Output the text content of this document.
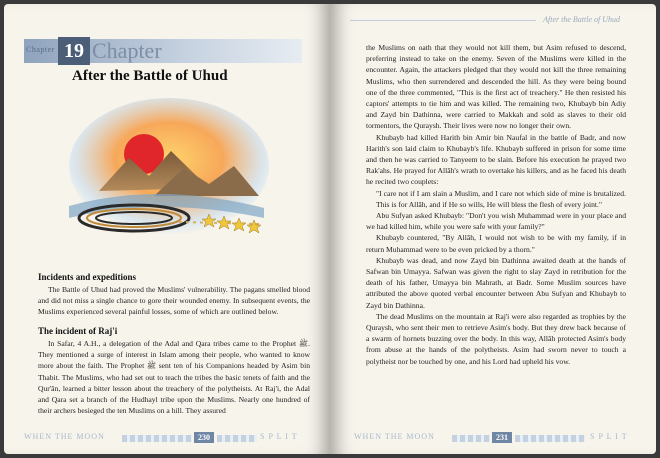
Chapter 19 Chapter
After the Battle of Uhud
Incidents and expeditions

The Battle of Uhud had proved the Muslims' vulnerability. The pagans smelled blood and did not miss a single chance to gore their wounded enemy. In subsequent events, the Muslims experienced several painful losses, some of which are outlined below.

The incident of Raj'i

In Safar, 4 A.H., a delegation of the Adal and Qara tribes came to the Prophet ﷺ. They mentioned a surge of interest in Islam among their people, who wanted to know more about the faith. The Prophet ﷺ sent ten of his Companions headed by Asim bin Thabit. The Muslims, who had set out to teach the tribes the basic tenets of faith and the Qur'ān, learned a bitter lesson about the treachery of the polytheists. At Raj'i, the Adal and Qara set a branch of the Hudhayl tribe upon the Muslims. Nearly one hundred of their archers besieged the ten Muslims on a hill. They assured

WHEN THE MOON	230	S P L I T
After the Battle of Uhud

the Muslims on oath that they would not kill them, but Asim refused to descend, preferring instead to take on the enemy. Seven of the Muslims were killed in the encounter. Again, the attackers pledged that they would not kill the three remaining Muslims, who then surrendered and descended the hill. As they were being bound one of the three commented, "This is the first act of treachery." He then resisted his captors' attempts to tie him and was killed. The remaining two, Khubayb bin Adiy and Zayd bin Dathinna, were carried to Makkah and sold as slaves to their old tormentors, the Quraysh. Their lives were now no longer their own.

Khubayb had killed Harith bin Amir bin Naufal in the battle of Badr, and now Harith's son laid claim to Khubayb's life. Khubayb suffered in prison for some time and then he was carried to Tanyeem to be slain. Before his execution he prayed two Rak'ahs. He prayed for Allāh's wrath to overtake his killers, and as he faced his death he recited two couplets:

"I care not if I am slain a Muslim, and I care not which side of mine is brutalized. This is for Allāh, and if He so wills, He will bless the flesh of every joint."

Abu Sufyan asked Khubayb: "Don't you wish Muhammad were in your place and we had killed him, while you were safe with your family?"

Khubayb countered, "By Allāh, I would not wish to be with my family, if in return Muhammad were to be even pricked by a thorn."

Khubayb was dead, and now Zayd bin Dathinna awaited death at the hands of Safwan bin Umayya. Safwan was given the right to slay Zayd in retribution for the death of his father, Umayya bin Mahrath, at Badr. Some Muslim sources have attributed the above quoted verbal encounter between Abu Sufyan and Khubayb to Zayd bin Dathinna.

The dead Muslims on the mountain at Raj'i were also regarded as trophies by the Quraysh, who sent their men to retrieve Asim's body. But they drew back because of a swarm of hornets buzzing over the body. In this way, Allāh protected Asim's body from abuse at the hands of the polytheists. Asim had sworn never to touch a polytheist nor be touched by one, and his Lord had upheld his vow.

WHEN THE MOON	231	S P L I T
